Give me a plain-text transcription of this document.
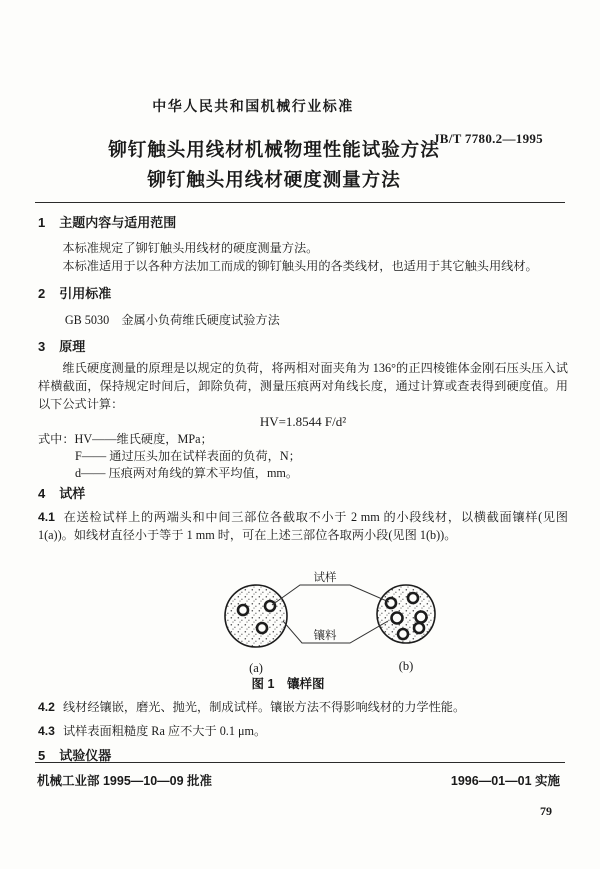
中华人民共和国机械行业标准
JB/T 7780.2—1995
铆钉触头用线材机械物理性能试验方法
铆钉触头用线材硬度测量方法
1 主题内容与适用范围

本标准规定了铆钉触头用线材的硬度测量方法。

本标准适用于以各种方法加工而成的铆钉触头用的各类线材，也适用于其它触头用线材。

2 引用标准

GB 5030　金属小负荷维氏硬度试验方法

3 原理

维氏硬度测量的原理是以规定的负荷，将两相对面夹角为 136°的正四棱锥体金刚石压头压入试样横截面，保持规定时间后，卸除负荷，测量压痕两对角线长度，通过计算或查表得到硬度值。用以下公式计算：

HV=1.8544 F/d²

式中：HV——维氏硬度，MPa；

F—— 通过压头加在试样表面的负荷，N；

d—— 压痕两对角线的算术平均值，mm。

4 试样

4.1 在送检试样上的两端头和中间三部位各截取不小于 2 mm 的小段线材，以横截面镶样(见图 1(a))。如线材直径小于等于 1 mm 时，可在上述三部位各取两小段(见图 1(b))。

试样
镶料
(a)	(b)
图 1　镶样图

4.2 线材经镶嵌，磨光、抛光，制成试样。镶嵌方法不得影响线材的力学性能。

4.3 试样表面粗糙度 Ra 应不大于 0.1 μm。

5 试验仪器
机械工业部 1995—10—09 批准	1996—01—01 实施
79
